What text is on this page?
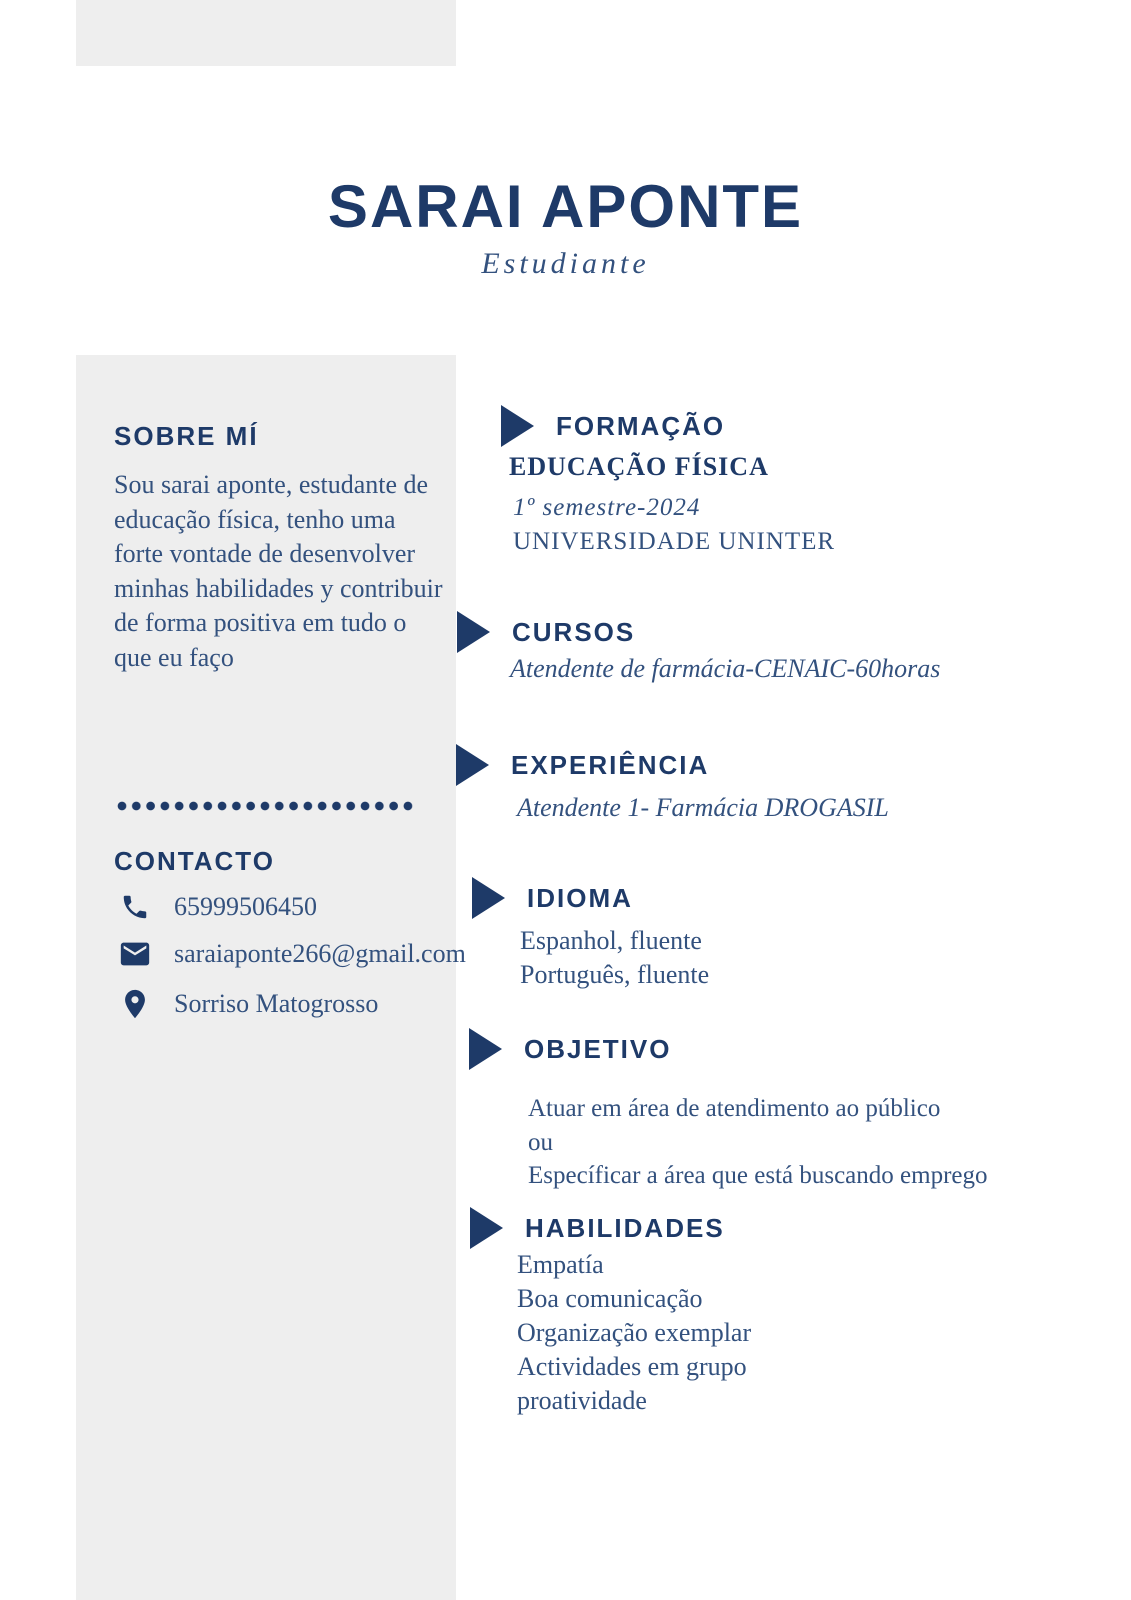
SARAI APONTE
Estudiante
SOBRE MÍ

Sou sarai aponte, estudante de educação física, tenho uma forte vontade de desenvolver minhas habilidades y contribuir de forma positiva em tudo o que eu faço

CONTACTO
65999506450
saraiaponte266@gmail.com
Sorriso Matogrosso
FORMAÇÃO
EDUCAÇÃO FÍSICA
1º semestre-2024
UNIVERSIDADE UNINTER
CURSOS
Atendente de farmácia-CENAIC-60horas
EXPERIÊNCIA
Atendente 1- Farmácia DROGASIL
IDIOMA
Espanhol, fluente
Português, fluente
OBJETIVO
Atuar em área de atendimento ao público
ou
Específicar a área que está buscando emprego
HABILIDADES
Empatía
Boa comunicação
Organização exemplar
Actividades em grupo
proatividade
